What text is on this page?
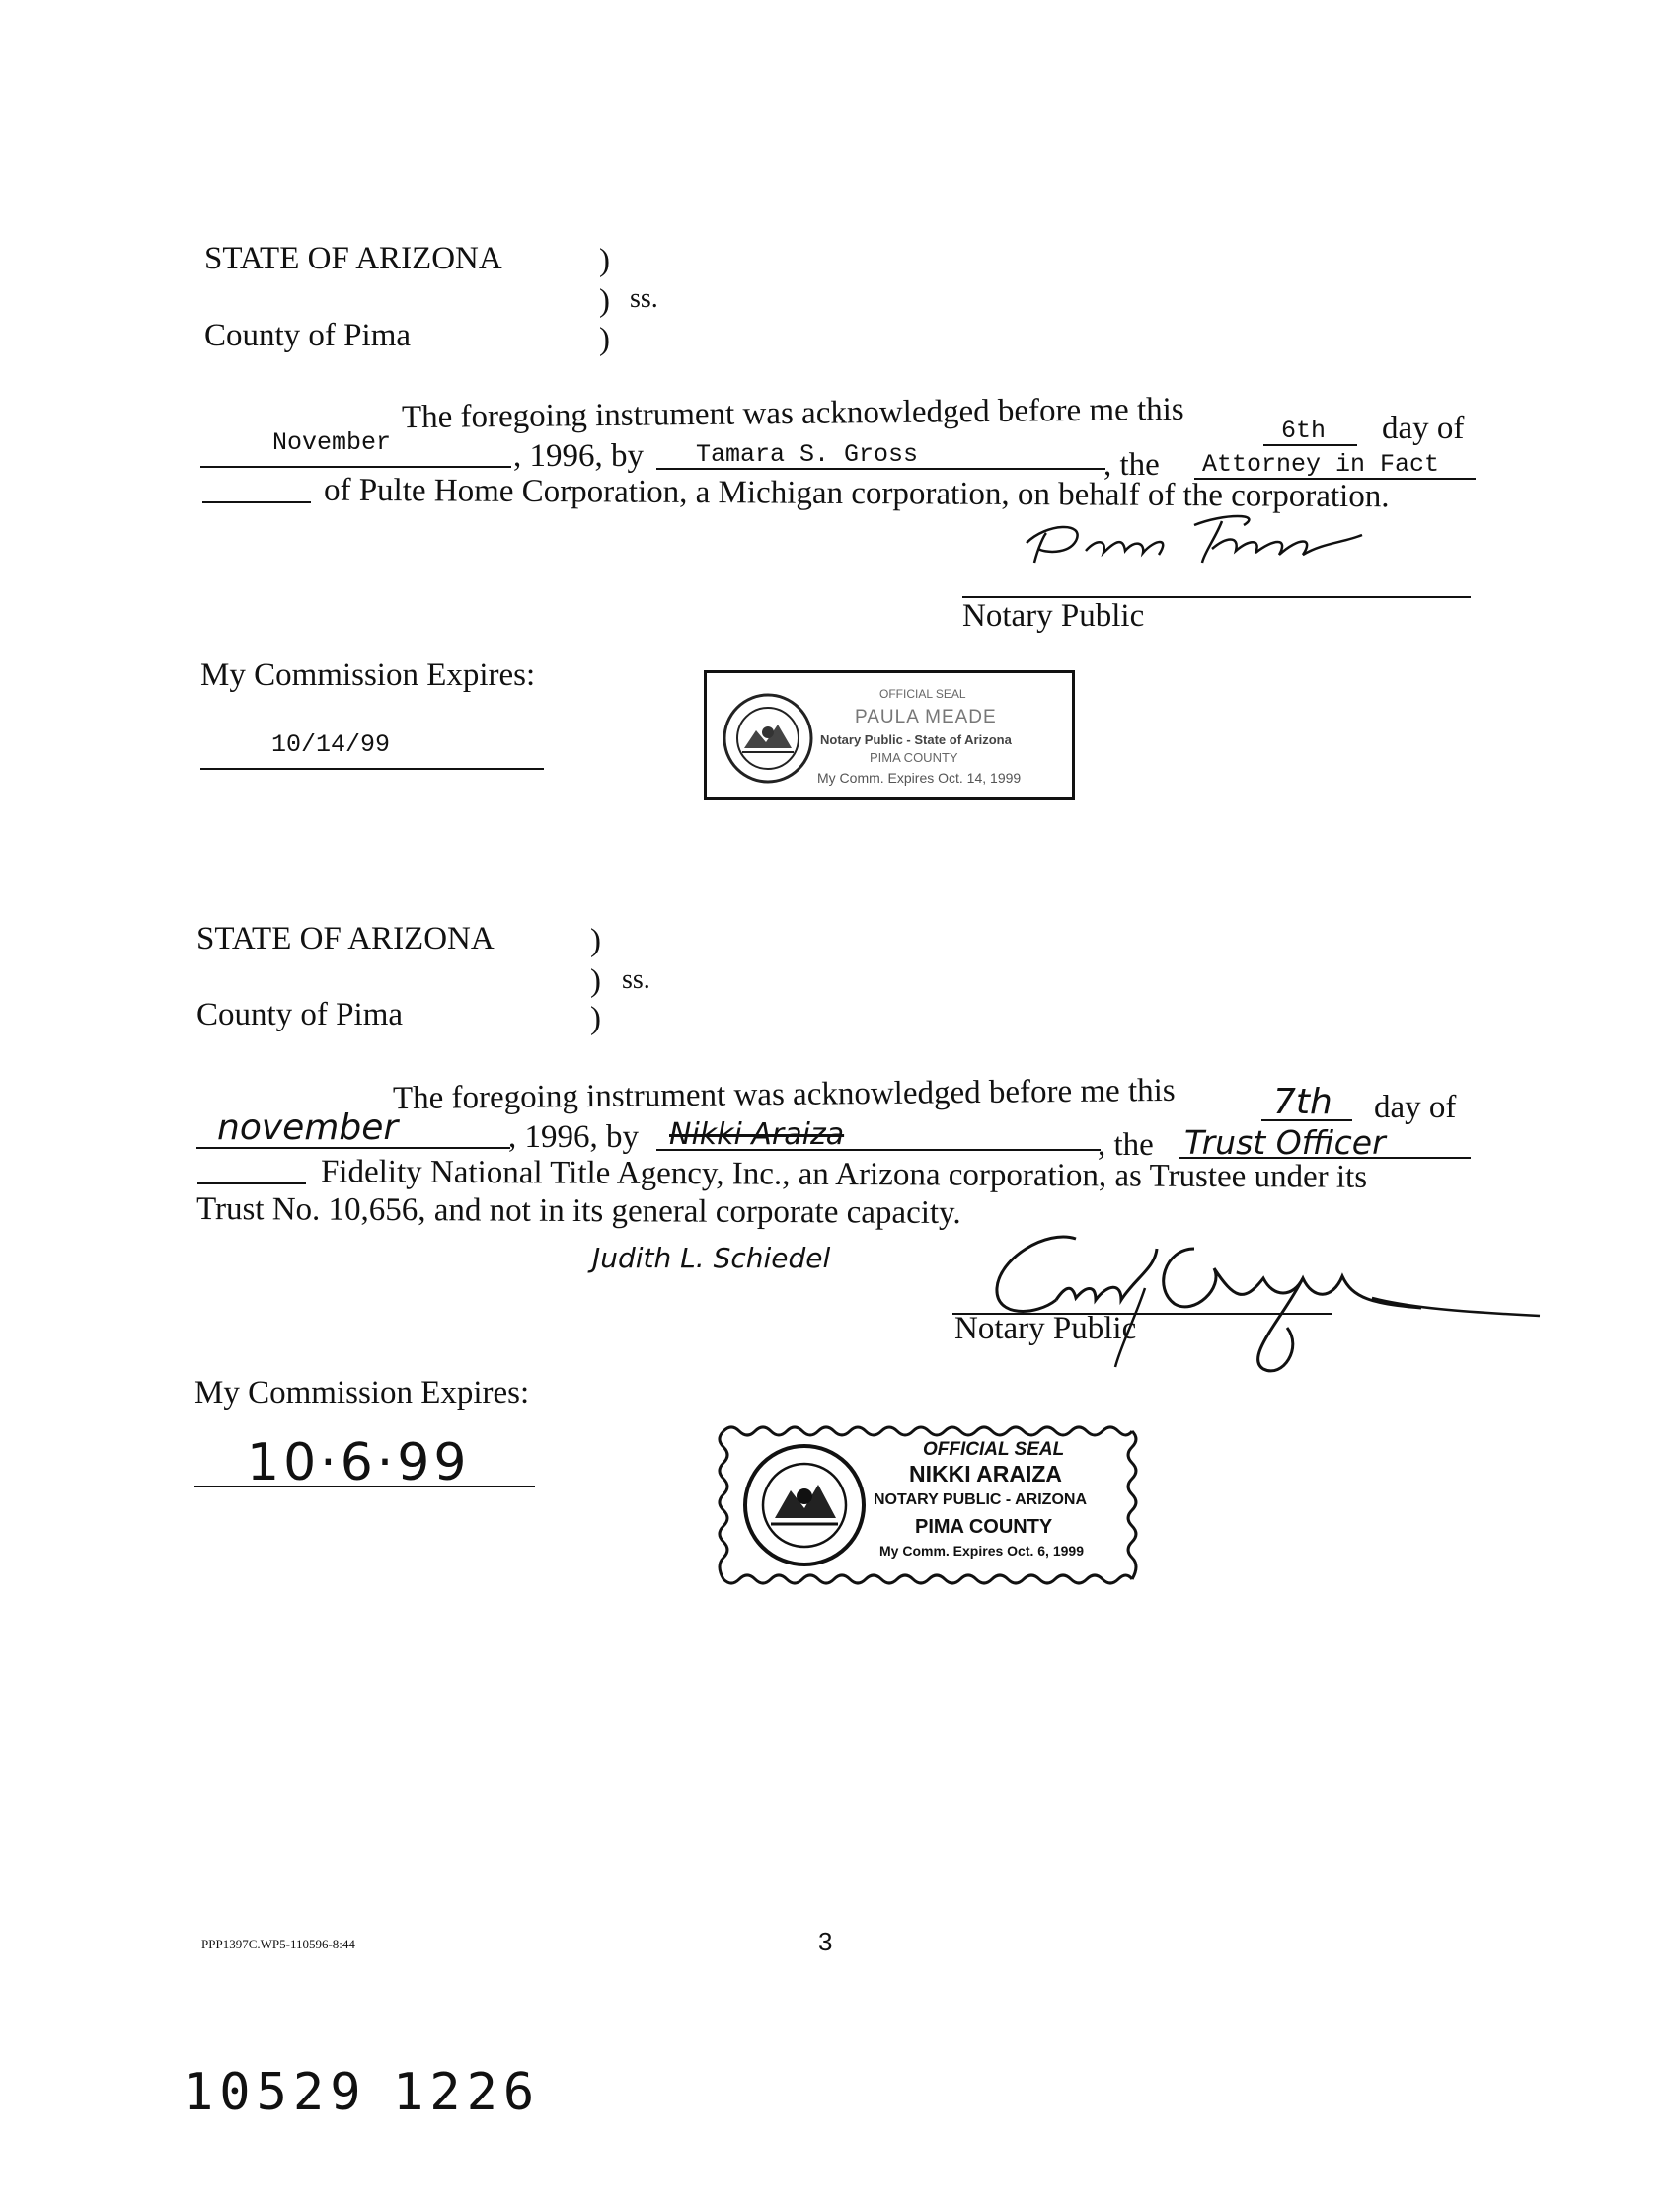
STATE OF ARIZONA	)
) ss.
)
County of Pima
The foregoing instrument was acknowledged before me this	6th day of
November	, 1996, by Tamara S. Gross	, the Attorney in Fact
of Pulte Home Corporation, a Michigan corporation, on behalf of the corporation.
Notary Public
My Commission Expires:
10/14/99
OFFICIAL SEAL
PAULA MEADE
Notary Public - State of Arizona
PIMA COUNTY
My Comm. Expires Oct. 14, 1999
STATE OF ARIZONA	)
) ss.
)
County of Pima
The foregoing instrument was acknowledged before me this	7th day of
november	, 1996, by Nikki Araiza	, the Trust Officer
Fidelity National Title Agency, Inc., an Arizona corporation, as Trustee under its
Trust No. 10,656, and not in its general corporate capacity.
Judith L. Schiedel
Notary Public
My Commission Expires:
10·6·99	OFFICIAL SEAL
NIKKI ARAIZA
NOTARY PUBLIC - ARIZONA
PIMA COUNTY
My Comm. Expires Oct. 6, 1999
PPP1397C.WP5-110596-8:44	3
10529 1226
